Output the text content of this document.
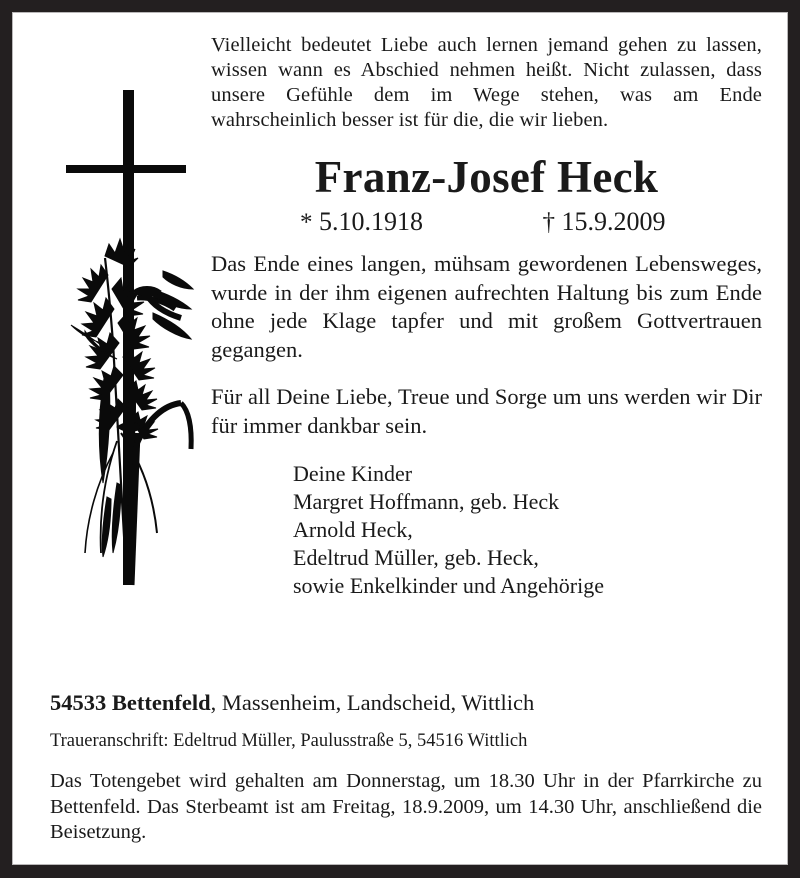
Vielleicht bedeutet Liebe auch lernen jemand gehen zu lassen, wissen wann es Abschied nehmen heißt. Nicht zulassen, dass unsere Gefühle dem im Wege stehen, was am Ende wahrscheinlich besser ist für die, die wir lieben.

Franz-Josef Heck
* 5.10.1918	† 15.9.2009

Das Ende eines langen, mühsam gewordenen Lebensweges, wurde in der ihm eigenen aufrechten Haltung bis zum Ende ohne jede Klage tapfer und mit großem Gottvertrauen gegangen.

Für all Deine Liebe, Treue und Sorge um uns werden wir Dir für immer dankbar sein.

Deine Kinder
Margret Hoffmann, geb. Heck
Arnold Heck,
Edeltrud Müller, geb. Heck,
sowie Enkelkinder und Angehörige

54533 Bettenfeld, Massenheim, Landscheid, Wittlich

Traueranschrift: Edeltrud Müller, Paulusstraße 5, 54516 Wittlich

Das Totengebet wird gehalten am Donnerstag, um 18.30 Uhr in der Pfarrkirche zu Bettenfeld. Das Sterbeamt ist am Freitag, 18.9.2009, um 14.30 Uhr, anschließend die Beisetzung.
